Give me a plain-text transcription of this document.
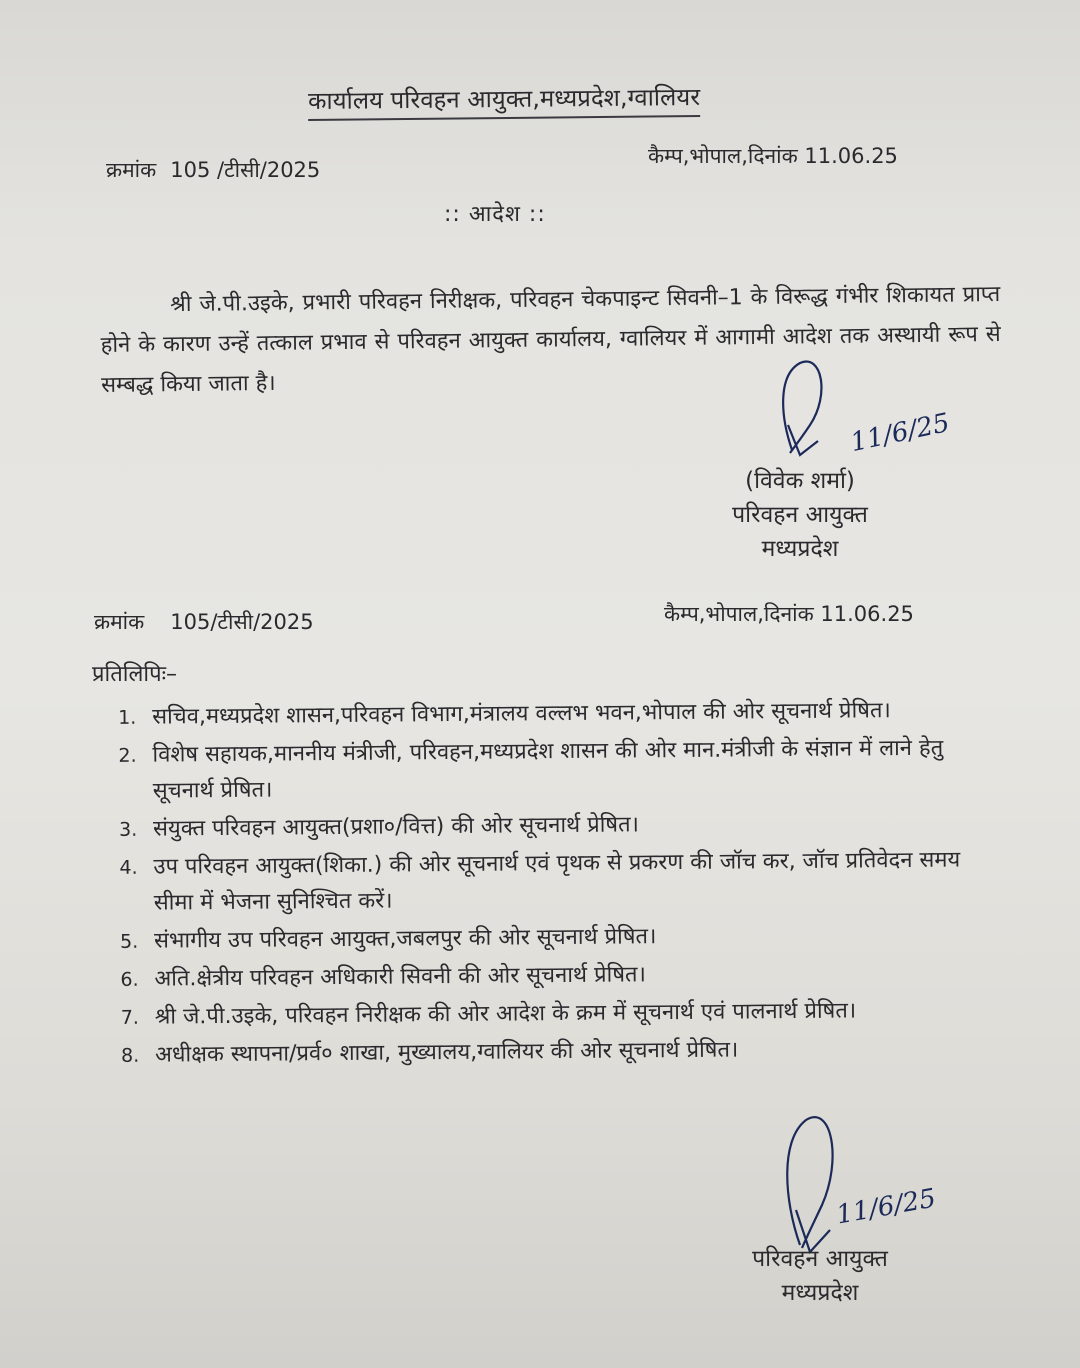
कार्यालय परिवहन आयुक्त,मध्यप्रदेश,ग्वालियर
क्रमांक 105 /टीसी/2025
कैम्प,भोपाल,दिनांक 11.06.25
:: आदेश ::
श्री जे.पी.उइके, प्रभारी परिवहन निरीक्षक, परिवहन चेकपाइन्ट सिवनी–1 के विरूद्ध गंभीर शिकायत प्राप्त होने के कारण उन्हें तत्काल प्रभाव से परिवहन आयुक्त कार्यालय, ग्वालियर में आगामी आदेश तक अस्थायी रूप से सम्बद्ध किया जाता है।
11/6/25
(विवेक शर्मा)
परिवहन आयुक्त
मध्यप्रदेश
क्रमांक 105/टीसी/2025	कैम्प,भोपाल,दिनांक 11.06.25
प्रतिलिपिः–
1. सचिव,मध्यप्रदेश शासन,परिवहन विभाग,मंत्रालय वल्लभ भवन,भोपाल की ओर सूचनार्थ प्रेषित।
2. विशेष सहायक,माननीय मंत्रीजी, परिवहन,मध्यप्रदेश शासन की ओर मान.मंत्रीजी के संज्ञान में लाने हेतु सूचनार्थ प्रेषित।
3. संयुक्त परिवहन आयुक्त(प्रशा०/वित्त) की ओर सूचनार्थ प्रेषित।
4. उप परिवहन आयुक्त(शिका.) की ओर सूचनार्थ एवं पृथक से प्रकरण की जॉच कर, जॉच प्रतिवेदन समय सीमा में भेजना सुनिश्चित करें।
5. संभागीय उप परिवहन आयुक्त,जबलपुर की ओर सूचनार्थ प्रेषित।
6. अति.क्षेत्रीय परिवहन अधिकारी सिवनी की ओर सूचनार्थ प्रेषित।
7. श्री जे.पी.उइके, परिवहन निरीक्षक की ओर आदेश के क्रम में सूचनार्थ एवं पालनार्थ प्रेषित।
8. अधीक्षक स्थापना/प्रर्व० शाखा, मुख्यालय,ग्वालियर की ओर सूचनार्थ प्रेषित।
11/6/25
परिवहन आयुक्त
मध्यप्रदेश
